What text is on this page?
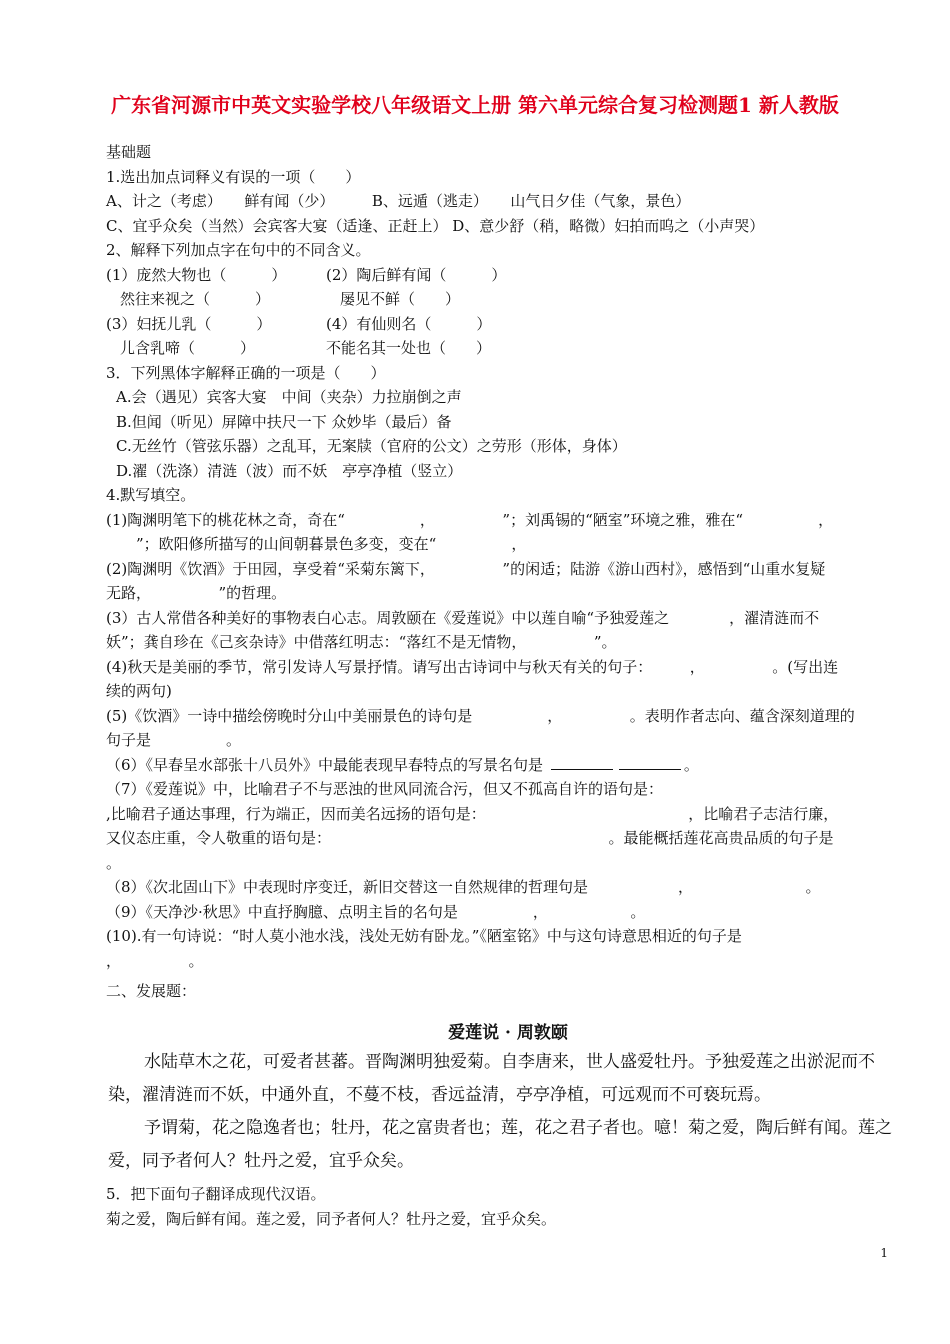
广东省河源市中英文实验学校八年级语文上册 第六单元综合复习检测题1 新人教版
基础题
1.选出加点词释义有误的一项（　　）
A、计之（考虑）　　鲜有闻（少）　　　B、远遁（逃走）　　山气日夕佳（气象，景色）
C、宜乎众矣（当然）会宾客大宴（适逢、正赶上） D、意少舒（稍，略微）妇拍而呜之（小声哭）
2、解释下列加点字在句中的不同含义。
(1）庞然大物也（　　　）	(2）陶后鲜有闻（　　　）
然往来视之（　　　）	屡见不鲜（　　）
(3）妇抚儿乳（　　　）	(4）有仙则名（　　　）
儿含乳啼（　　　）	不能名其一处也（　　）
3．下列黑体字解释正确的一项是（　　）
A.会（遇见）宾客大宴　中间（夹杂）力拉崩倒之声
B.但闻（听见）屏障中扶尺一下 众妙毕（最后）备
C.无丝竹（管弦乐器）之乱耳，无案牍（官府的公文）之劳形（形体，身体）
D.濯（洗涤）清涟（波）而不妖　亭亭净植（竖立）
4.默写填空。
(1)陶渊明笔下的桃花林之奇，奇在“　　　　　，　　　　　”；刘禹锡的“陋室”环境之雅，雅在“　　　　　，
　　”；欧阳修所描写的山间朝暮景色多变，变在“　　　　　，
(2)陶渊明《饮酒》于田园，享受着“采菊东篱下，　　　　　”的闲适；陆游《游山西村》，感悟到“山重水复疑
无路，　　　　　”的哲理。
(3）古人常借各种美好的事物表白心志。周敦颐在《爱莲说》中以莲自喻“予独爱莲之　　　　，濯清涟而不
妖”；龚自珍在《己亥杂诗》中借落红明志：“落红不是无情物，　　　　　”。
(4)秋天是美丽的季节，常引发诗人写景抒情。请写出古诗词中与秋天有关的句子：　　　，　　　　　。(写出连
续的两句)
(5)《饮酒》一诗中描绘傍晚时分山中美丽景色的诗句是　　　　　，　　　　　。表明作者志向、蕴含深刻道理的
句子是　　　　　。
（6）《早春呈水部张十八员外》中最能表现早春特点的写景名句是	。
（7）《爱莲说》中，比喻君子不与恶浊的世风同流合污，但又不孤高自许的语句是：
,比喻君子通达事理，行为端正，因而美名远扬的语句是：　　　　　　　　　　　　　　，比喻君子志洁行廉，
又仪态庄重，令人敬重的语句是：　　　　　　　　　　　　　　　　　　　。最能概括莲花高贵品质的句子是
。
（8）《次北固山下》中表现时序变迁，新旧交替这一自然规律的哲理句是　　　　　　，　　　　　　　　。
（9）《天净沙·秋思》中直抒胸臆、点明主旨的名句是　　　　　，　　　　　　。
(10).有一句诗说：“时人莫小池水浅，浅处无妨有卧龙。”《陋室铭》中与这句诗意思相近的句子是
，　　　　　。
二、发展题：
爱莲说 · 周敦颐

水陆草木之花，可爱者甚蕃。晋陶渊明独爱菊。自李唐来，世人盛爱牡丹。予独爱莲之出淤泥而不染，濯清涟而不妖，中通外直，不蔓不枝，香远益清，亭亭净植，可远观而不可亵玩焉。

予谓菊，花之隐逸者也；牡丹，花之富贵者也；莲，花之君子者也。噫！菊之爱，陶后鲜有闻。莲之爱，同予者何人？牡丹之爱，宜乎众矣。

5．把下面句子翻译成现代汉语。
菊之爱，陶后鲜有闻。莲之爱，同予者何人？牡丹之爱，宜乎众矣。
1
